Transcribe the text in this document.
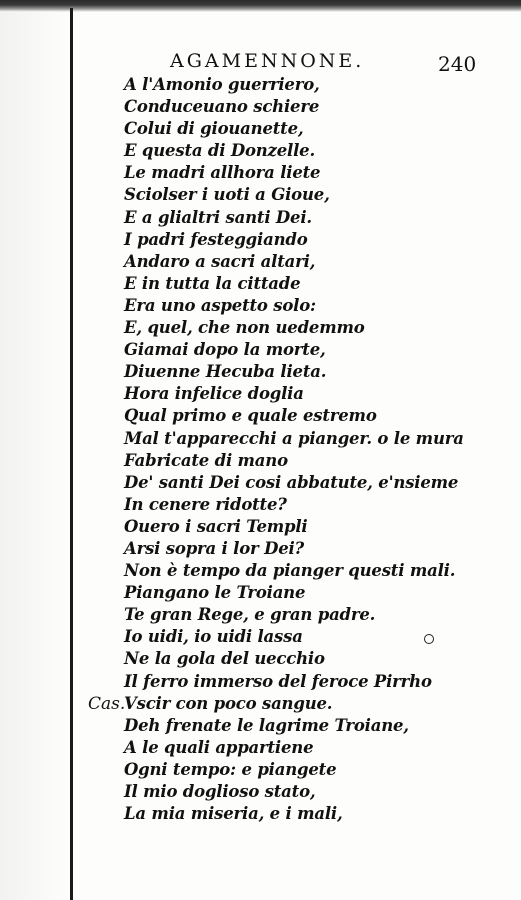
AGAMENNONE.	240
A l'Amonio guerriero,
Conduceuano schiere
Colui di giouanette,
E questa di Donzelle.
Le madri allhora liete
Sciolser i uoti a Gioue,
E a glialtri santi Dei.
I padri festeggiando
Andaro a sacri altari,
E in tutta la cittade
Era uno aspetto solo:
E, quel, che non uedemmo
Giamai dopo la morte,
Diuenne Hecuba lieta.
Hora infelice doglia
Qual primo e quale estremo
Mal t'apparecchi a pianger. o le mura
Fabricate di mano
De' santi Dei cosi abbatute, e'nsieme
In cenere ridotte?
Ouero i sacri Templi
Arsi sopra i lor Dei?
Non è tempo da pianger questi mali.
Piangano le Troiane
Te gran Rege, e gran padre.
Io uidi, io uidi lassa
Ne la gola del uecchio
Il ferro immerso del feroce Pirrho
Vscir con poco sangue.
Deh frenate le lagrime Troiane,
A le quali appartiene
Ogni tempo: e piangete
Il mio doglioso stato,
La mia miseria, e i mali,
Cas.
